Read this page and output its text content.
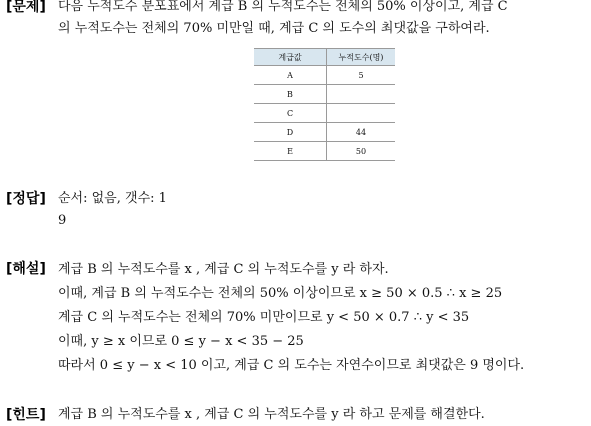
[문제] 다음 누적도수 분포표에서 계급 B 의 누적도수는 전체의 50% 이상이고, 계급 C
의 누적도수는 전체의 70% 미만일 때, 계급 C 의 도수의 최댓값을 구하여라.
계급값	누적도수(명)
A	5
B	
C	
D	44
E	50
[정답] 순서: 없음, 갯수: 1
9
[해설] 계급 B 의 누적도수를 x , 계급 C 의 누적도수를 y 라 하자.
이때, 계급 B 의 누적도수는 전체의 50% 이상이므로 x ≥ 50 × 0.5 ∴ x ≥ 25
계급 C 의 누적도수는 전체의 70% 미만이므로 y < 50 × 0.7 ∴ y < 35
이때, y ≥ x 이므로 0 ≤ y − x < 35 − 25
따라서 0 ≤ y − x < 10 이고, 계급 C 의 도수는 자연수이므로 최댓값은 9 명이다.
[힌트] 계급 B 의 누적도수를 x , 계급 C 의 누적도수를 y 라 하고 문제를 해결한다.
